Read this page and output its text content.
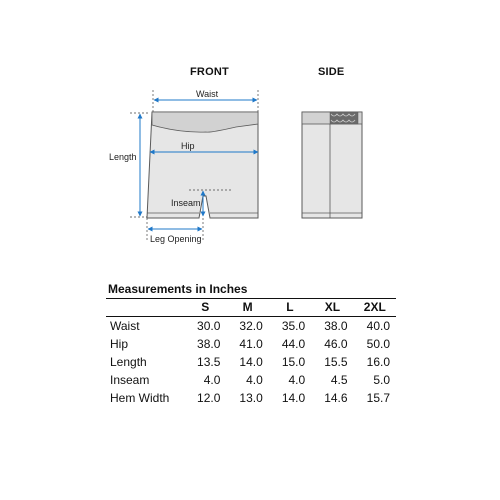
FRONT	SIDE
Waist
Hip
Length
Inseam
Leg Opening
Measurements in Inches
	S	M	L	XL	2XL
Waist	30.0	32.0	35.0	38.0	40.0
Hip	38.0	41.0	44.0	46.0	50.0
Length	13.5	14.0	15.0	15.5	16.0
Inseam	4.0	4.0	4.0	4.5	5.0
Hem Width	12.0	13.0	14.0	14.6	15.7
